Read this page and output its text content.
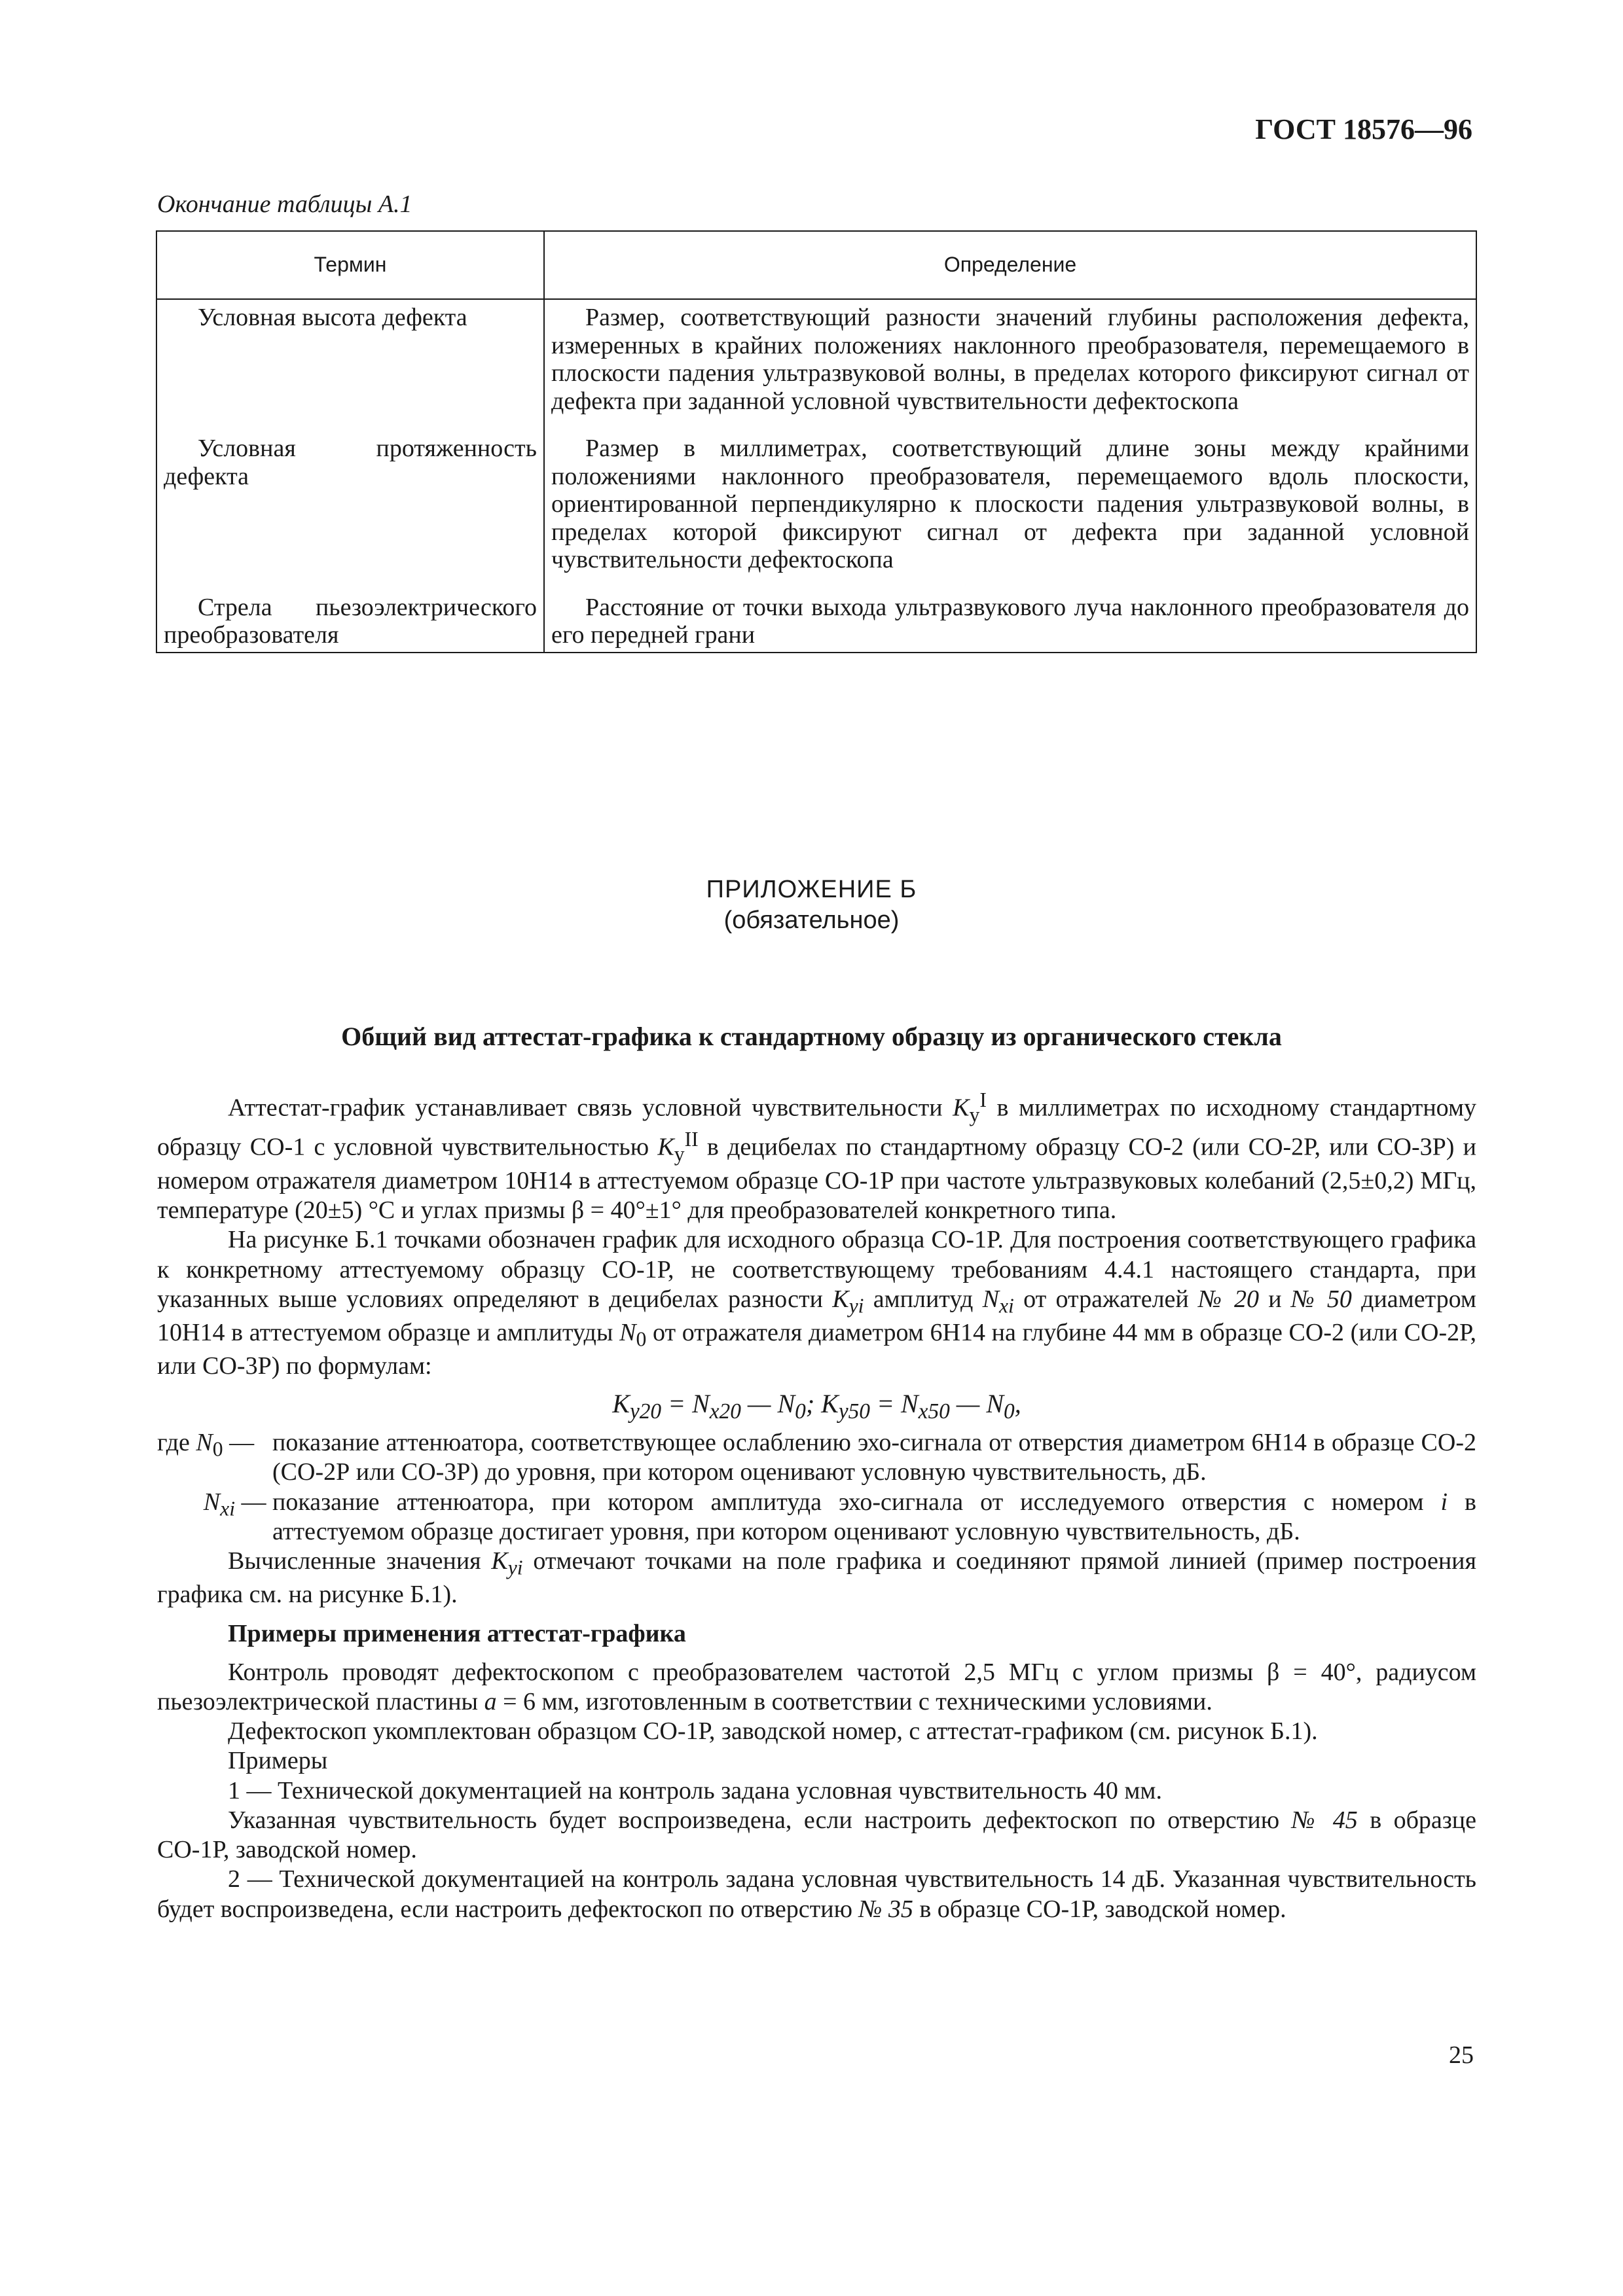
ГОСТ 18576—96
Окончание таблицы А.1
Термин	Определение
Условная высота дефекта	Размер, соответствующий разности значений глубины расположения дефекта, измеренных в крайних положениях наклонного преобразователя, перемещаемого в плоскости падения ультразвуковой волны, в пределах которого фиксируют сигнал от дефекта при заданной условной чувствительности дефектоскопа
Условная протяженность дефекта	Размер в миллиметрах, соответствующий длине зоны между крайними положениями наклонного преобразователя, перемещаемого вдоль плоскости, ориентированной перпендикулярно к плоскости падения ультразвуковой волны, в пределах которой фиксируют сигнал от дефекта при заданной условной чувствительности дефектоскопа
Стрела пьезоэлектрического преобразователя	Расстояние от точки выхода ультразвукового луча наклонного преобразователя до его передней грани
ПРИЛОЖЕНИЕ Б
(обязательное)
Общий вид аттестат-графика к стандартному образцу из органического стекла

Аттестат-график устанавливает связь условной чувствительности $K_у^I$ в миллиметрах по исходному стандартному образцу СО-1 с условной чувствительностью $K_у^{II}$ в децибелах по стандартному образцу СО-2 (или СО-2Р, или СО-3Р) и номером отражателя диаметром 10Н14 в аттестуемом образце СО-1Р при частоте ультразвуковых колебаний (2,5±0,2) МГц, температуре (20±5) °С и углах призмы β = 40°±1° для преобразователей конкретного типа.

На рисунке Б.1 точками обозначен график для исходного образца СО-1Р. Для построения соответствующего графика к конкретному аттестуемому образцу СО-1Р, не соответствующему требованиям 4.4.1 настоящего стандарта, при указанных выше условиях определяют в децибелах разности $K_{yi}$ амплитуд $N_{xi}$ от отражателей № 20 и № 50 диаметром 10Н14 в аттестуемом образце и амплитуды $N_0$ от отражателя диаметром 6Н14 на глубине 44 мм в образце СО-2 (или СО-2Р, или СО-3Р) по формулам:

$K_{y20} = N_{x20}$ — $N_0$; $K_{y50} = N_{x50}$ — $N_0$,
где $N_0$ — показание аттенюатора, соответствующее ослаблению эхо-сигнала от отверстия диаметром 6Н14 в образце СО-2 (СО-2Р или СО-3Р) до уровня, при котором оценивают условную чувствительность, дБ.
$N_{xi}$ — показание аттенюатора, при котором амплитуда эхо-сигнала от исследуемого отверстия с номером i в аттестуемом образце достигает уровня, при котором оценивают условную чувствительность, дБ.

Вычисленные значения $K_{yi}$ отмечают точками на поле графика и соединяют прямой линией (пример построения графика см. на рисунке Б.1).

Примеры применения аттестат-графика

Контроль проводят дефектоскопом с преобразователем частотой 2,5 МГц с углом призмы β = 40°, радиусом пьезоэлектрической пластины a = 6 мм, изготовленным в соответствии с техническими условиями.

Дефектоскоп укомплектован образцом СО-1Р, заводской номер, с аттестат-графиком (см. рисунок Б.1).

Примеры

1 — Технической документацией на контроль задана условная чувствительность 40 мм.

Указанная чувствительность будет воспроизведена, если настроить дефектоскоп по отверстию № 45 в образце СО-1Р, заводской номер.

2 — Технической документацией на контроль задана условная чувствительность 14 дБ. Указанная чувствительность будет воспроизведена, если настроить дефектоскоп по отверстию № 35 в образце СО-1Р, заводской номер.

25
